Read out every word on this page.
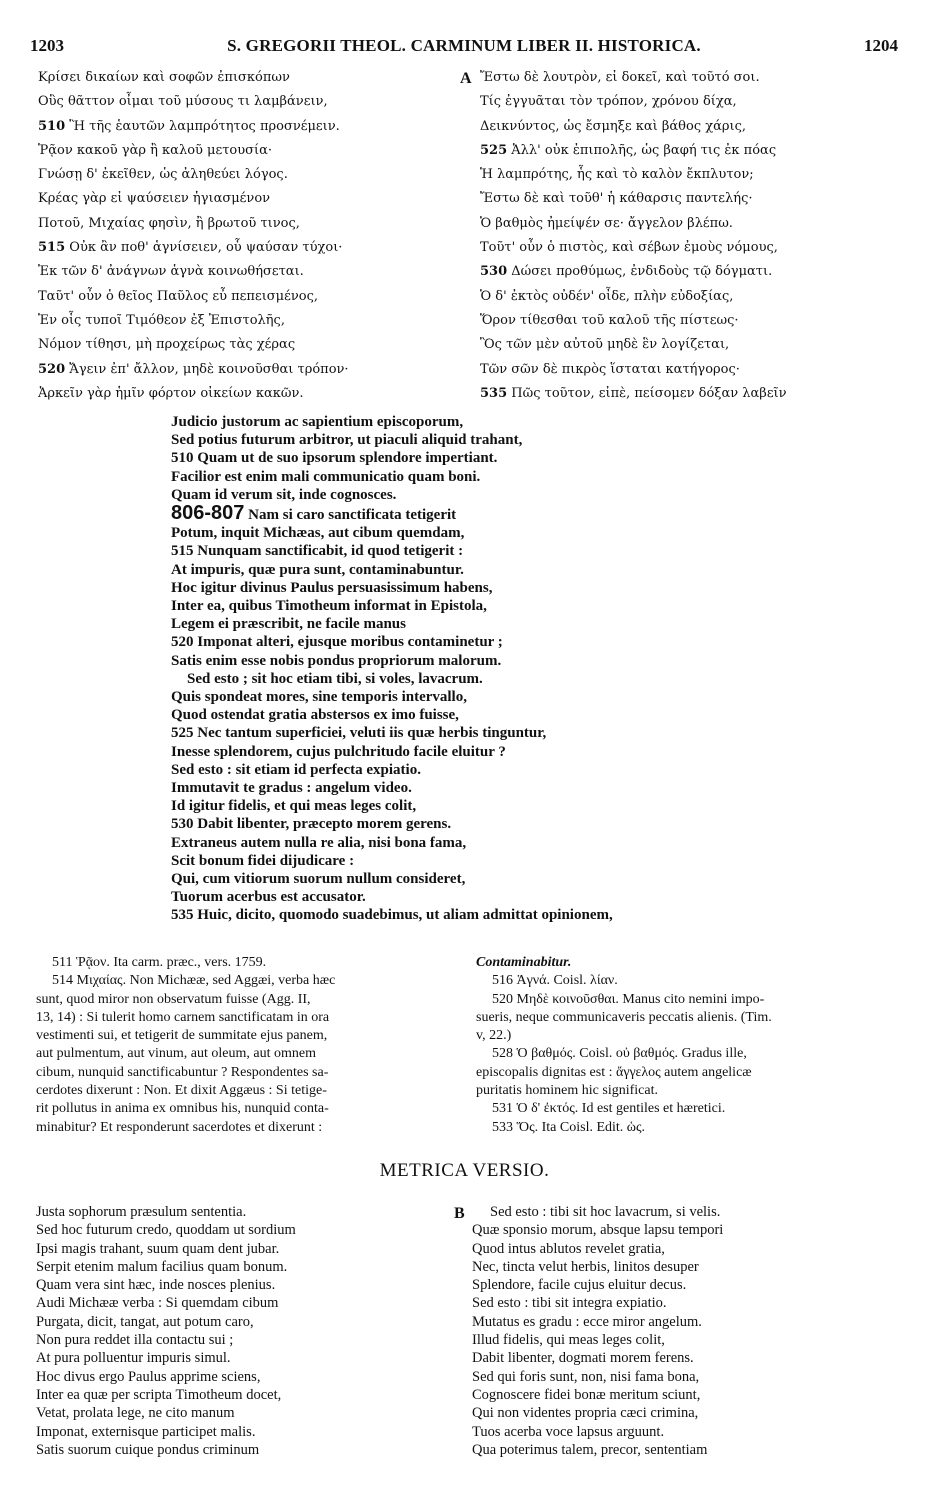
1203	S. GREGORII THEOL. CARMINUM LIBER II. HISTORICA.	1204
Κρίσει δικαίων καὶ σοφῶν ἐπισκόπων
Οὓς θᾶττον οἶμαι τοῦ μύσους τι λαμβάνειν,
510 Ἢ τῆς ἑαυτῶν λαμπρότητος προσνέμειν.
Ῥᾷον κακοῦ γὰρ ἢ καλοῦ μετουσία·
Γνώσῃ δ' ἐκεῖθεν, ὡς ἀληθεύει λόγος.
Κρέας γὰρ εἰ ψαύσειεν ἡγιασμένον
Ποτοῦ, Μιχαίας φησὶν, ἢ βρωτοῦ τινος,
515 Οὐκ ἂν ποθ' ἁγνίσειεν, οὗ ψαύσαν τύχοι·
Ἐκ τῶν δ' ἀνάγνων ἁγνὰ κοινωθήσεται.
Ταῦτ' οὖν ὁ θεῖος Παῦλος εὖ πεπεισμένος,
Ἐν οἷς τυποῖ Τιμόθεον ἐξ Ἐπιστολῆς,
Νόμον τίθησι, μὴ προχείρως τὰς χέρας
520 Ἄγειν ἐπ' ἄλλον, μηδὲ κοινοῦσθαι τρόπον·
Ἀρκεῖν γὰρ ἡμῖν φόρτον οἰκείων κακῶν.
A Ἔστω δὲ λουτρὸν, εἰ δοκεῖ, καὶ τοῦτό σοι.
Τίς ἐγγυᾶται τὸν τρόπον, χρόνου δίχα,
Δεικνύντος, ὡς ἔσμηξε καὶ βάθος χάρις,
525 Ἀλλ' οὐκ ἐπιπολῆς, ὡς βαφή τις ἐκ πόας
Ἡ λαμπρότης, ἧς καὶ τὸ καλὸν ἔκπλυτον;
Ἔστω δὲ καὶ τοῦθ' ἡ κάθαρσις παντελής·
Ὁ βαθμὸς ἠμείψέν σε· ἄγγελον βλέπω.
Τοῦτ' οὖν ὁ πιστὸς, καὶ σέβων ἐμοὺς νόμους,
530 Δώσει προθύμως, ἐνδιδοὺς τῷ δόγματι.
Ὁ δ' ἐκτὸς οὐδέν' οἶδε, πλὴν εὐδοξίας,
Ὅρον τίθεσθαι τοῦ καλοῦ τῆς πίστεως·
Ὃς τῶν μὲν αὐτοῦ μηδὲ ἓν λογίζεται,
Τῶν σῶν δὲ πικρὸς ἵσταται κατήγορος·
535 Πῶς τοῦτον, εἰπὲ, πείσομεν δόξαν λαβεῖν
Judicio justorum ac sapientium episcoporum,
Sed potius futurum arbitror, ut piaculi aliquid trahant,
510 Quam ut de suo ipsorum splendore impertiant.
Facilior est enim mali communicatio quam boni.
Quam id verum sit, inde cognosces.
806-807 Nam si caro sanctificata tetigerit
Potum, inquit Michæas, aut cibum quemdam,
515 Nunquam sanctificabit, id quod tetigerit :
At impuris, quæ pura sunt, contaminabuntur.
Hoc igitur divinus Paulus persuasissimum habens,
Inter ea, quibus Timotheum informat in Epistola,
Legem ei præscribit, ne facile manus
520 Imponat alteri, ejusque moribus contaminetur ;
Satis enim esse nobis pondus propriorum malorum.
Sed esto ; sit hoc etiam tibi, si voles, lavacrum.
Quis spondeat mores, sine temporis intervallo,
Quod ostendat gratia abstersos ex imo fuisse,
525 Nec tantum superficiei, veluti iis quæ herbis tinguntur,
Inesse splendorem, cujus pulchritudo facile eluitur ?
Sed esto : sit etiam id perfecta expiatio.
Immutavit te gradus : angelum video.
Id igitur fidelis, et qui meas leges colit,
530 Dabit libenter, præcepto morem gerens.
Extraneus autem nulla re alia, nisi bona fama,
Scit bonum fidei dijudicare :
Qui, cum vitiorum suorum nullum consideret,
Tuorum acerbus est accusator.
535 Huic, dicito, quomodo suadebimus, ut aliam admittat opinionem,
511 Ῥᾷον. Ita carm. præc., vers. 1759.
514 Μιχαίας. Non Michææ, sed Aggæi, verba hæc
sunt, quod miror non observatum fuisse (Agg. II,
13, 14) : Si tulerit homo carnem sanctificatam in ora
vestimenti sui, et tetigerit de summitate ejus panem,
aut pulmentum, aut vinum, aut oleum, aut omnem
cibum, nunquid sanctificabuntur ? Respondentes sa-
cerdotes dixerunt : Non. Et dixit Aggæus : Si tetige-
rit pollutus in anima ex omnibus his, nunquid conta-
minabitur? Et responderunt sacerdotes et dixerunt :
Contaminabitur.
516 Ἁγνά. Coisl. λίαν.
520 Μηδὲ κοινοῦσθαι. Manus cito nemini impo-
sueris, neque communicaveris peccatis alienis. (Tim.
v, 22.)
528 Ὁ βαθμός. Coisl. οὐ βαθμός. Gradus ille,
episcopalis dignitas est : ἄγγελος autem angelicæ
puritatis hominem hic significat.
531 Ὁ δ' ἐκτός. Id est gentiles et hæretici.
533 Ὅς. Ita Coisl. Edit. ὡς.
METRICA VERSIO.
Justa sophorum præsulum sententia.
Sed hoc futurum credo, quoddam ut sordium
Ipsi magis trahant, suum quam dent jubar.
Serpit etenim malum facilius quam bonum.
Quam vera sint hæc, inde nosces plenius.
Audi Michææ verba : Si quemdam cibum
Purgata, dicit, tangat, aut potum caro,
Non pura reddet illa contactu sui ;
At pura polluentur impuris simul.
Hoc divus ergo Paulus apprime sciens,
Inter ea quæ per scripta Timotheum docet,
Vetat, prolata lege, ne cito manum
Imponat, externisque participet malis.
Satis suorum cuique pondus criminum
B	Sed esto : tibi sit hoc lavacrum, si velis.
Quæ sponsio morum, absque lapsu tempori
Quod intus ablutos revelet gratia,
Nec, tincta velut herbis, linitos desuper
Splendore, facile cujus eluitur decus.
Sed esto : tibi sit integra expiatio.
Mutatus es gradu : ecce miror angelum.
Illud fidelis, qui meas leges colit,
Dabit libenter, dogmati morem ferens.
Sed qui foris sunt, non, nisi fama bona,
Cognoscere fidei bonæ meritum sciunt,
Qui non videntes propria cæci crimina,
Tuos acerba voce lapsus arguunt.
Qua poterimus talem, precor, sententiam
